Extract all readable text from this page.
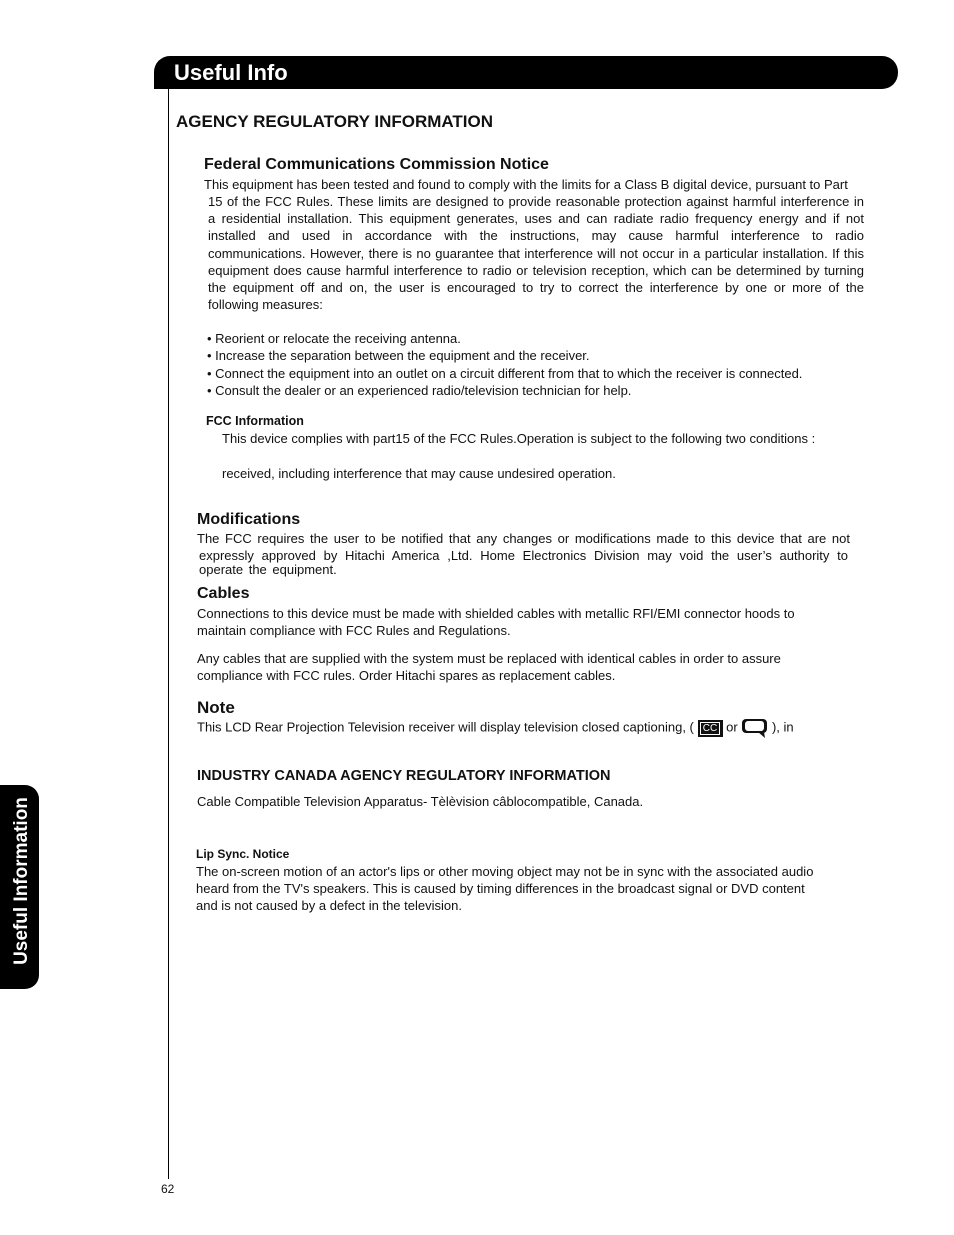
Useful Info
Useful Information
AGENCY REGULATORY INFORMATION
Federal Communications Commission Notice
This equipment has been tested and found to comply with the limits for a Class B digital device, pursuant to Part
15 of the FCC Rules. These limits are designed to provide reasonable protection against harmful interference in
a residential installation. This equipment generates, uses and can radiate radio frequency energy and if not
installed and used in accordance with the instructions, may cause harmful interference to radio
communications. However, there is no guarantee that interference will not occur in a particular installation. If this
equipment does cause harmful interference to radio or television reception, which can be determined by turning
the equipment off and on, the user is encouraged to try to correct the interference by one or more of the
following measures:
• Reorient or relocate the receiving antenna.
• Increase the separation between the equipment and the receiver.
• Connect the equipment into an outlet on a circuit different from that to which the receiver is connected.
• Consult the dealer or an experienced radio/television technician for help.
FCC Information
This device complies with part15 of the FCC Rules.Operation is subject to the following two conditions :
received, including interference that may cause undesired operation.
Modifications
The FCC requires the user to be notified that any changes or modifications made to this device that are not
expressly approved by Hitachi America ,Ltd. Home Electronics Division may void the user’s authority to
operate the equipment.
Cables
Connections to this device must be made with shielded cables with metallic RFI/EMI connector hoods to
maintain compliance with FCC Rules and Regulations.
Any cables that are supplied with the system must be replaced with identical cables in order to assure
compliance with FCC rules. Order Hitachi spares as replacement cables.
Note
This LCD Rear Projection Television receiver will display television closed captioning, ( CC or	), in
INDUSTRY CANADA AGENCY REGULATORY INFORMATION
Cable Compatible Television Apparatus- Tèlèvision câblocompatible, Canada.
Lip Sync. Notice
The on-screen motion of an actor's lips or other moving object may not be in sync with the associated audio
heard from the TV's speakers. This is caused by timing differences in the broadcast signal or DVD content
and is not caused by a defect in the television.
62
